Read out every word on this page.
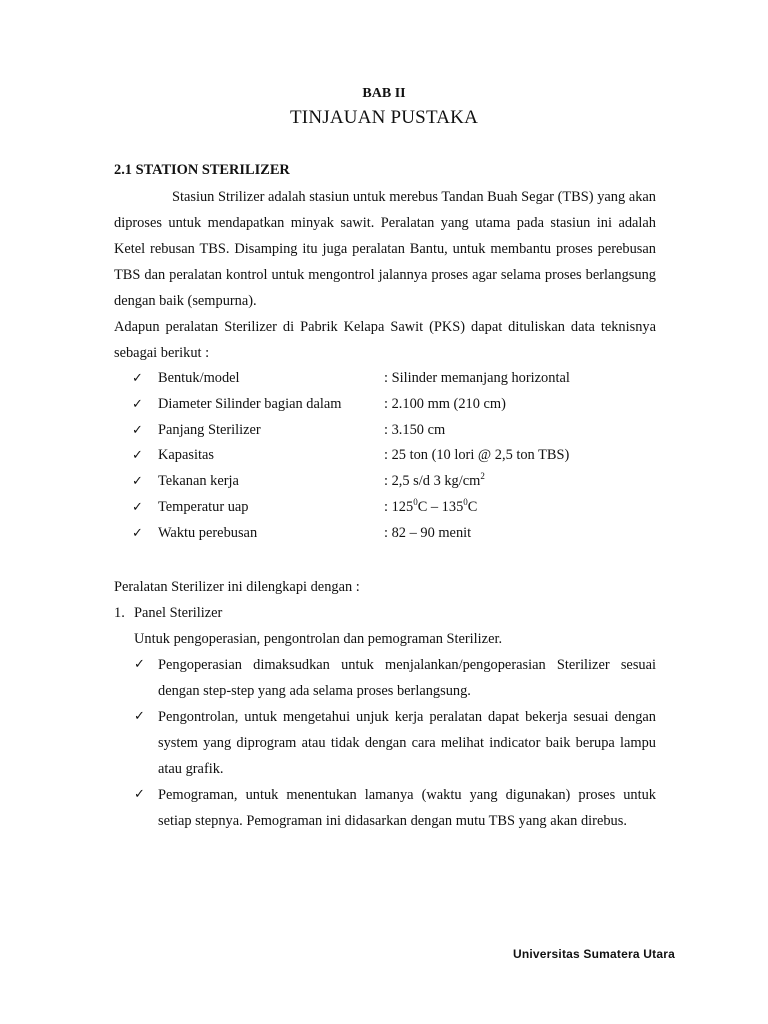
BAB II
TINJAUAN PUSTAKA
2.1 STATION STERILIZER
Stasiun Strilizer adalah stasiun untuk merebus Tandan Buah Segar (TBS) yang akan diproses untuk mendapatkan minyak sawit. Peralatan yang utama pada stasiun ini adalah Ketel rebusan TBS. Disamping itu juga peralatan Bantu, untuk membantu proses perebusan TBS dan peralatan kontrol untuk mengontrol jalannya proses agar selama proses berlangsung dengan baik (sempurna).
Adapun peralatan Sterilizer di Pabrik Kelapa Sawit (PKS) dapat dituliskan data teknisnya sebagai berikut :
✓	Bentuk/model	: Silinder memanjang horizontal
✓	Diameter Silinder bagian dalam	: 2.100 mm (210 cm)
✓	Panjang Sterilizer	: 3.150 cm
✓	Kapasitas	: 25 ton (10 lori @ 2,5 ton TBS)
✓	Tekanan kerja	: 2,5 s/d 3 $kg/cm^2$
✓	Temperatur uap	: $125^0C - 135^0C$
✓	Waktu perebusan	: 82 – 90 menit
Peralatan Sterilizer ini dilengkapi dengan :
1. Panel Sterilizer
Untuk pengoperasian, pengontrolan dan pemograman Sterilizer.
✓ Pengoperasian dimaksudkan untuk menjalankan/pengoperasian Sterilizer sesuai dengan step-step yang ada selama proses berlangsung.
✓ Pengontrolan, untuk mengetahui unjuk kerja peralatan dapat bekerja sesuai dengan system yang diprogram atau tidak dengan cara melihat indicator baik berupa lampu atau grafik.
✓ Pemograman, untuk menentukan lamanya (waktu yang digunakan) proses untuk setiap stepnya. Pemograman ini didasarkan dengan mutu TBS yang akan direbus.
Universitas Sumatera Utara
